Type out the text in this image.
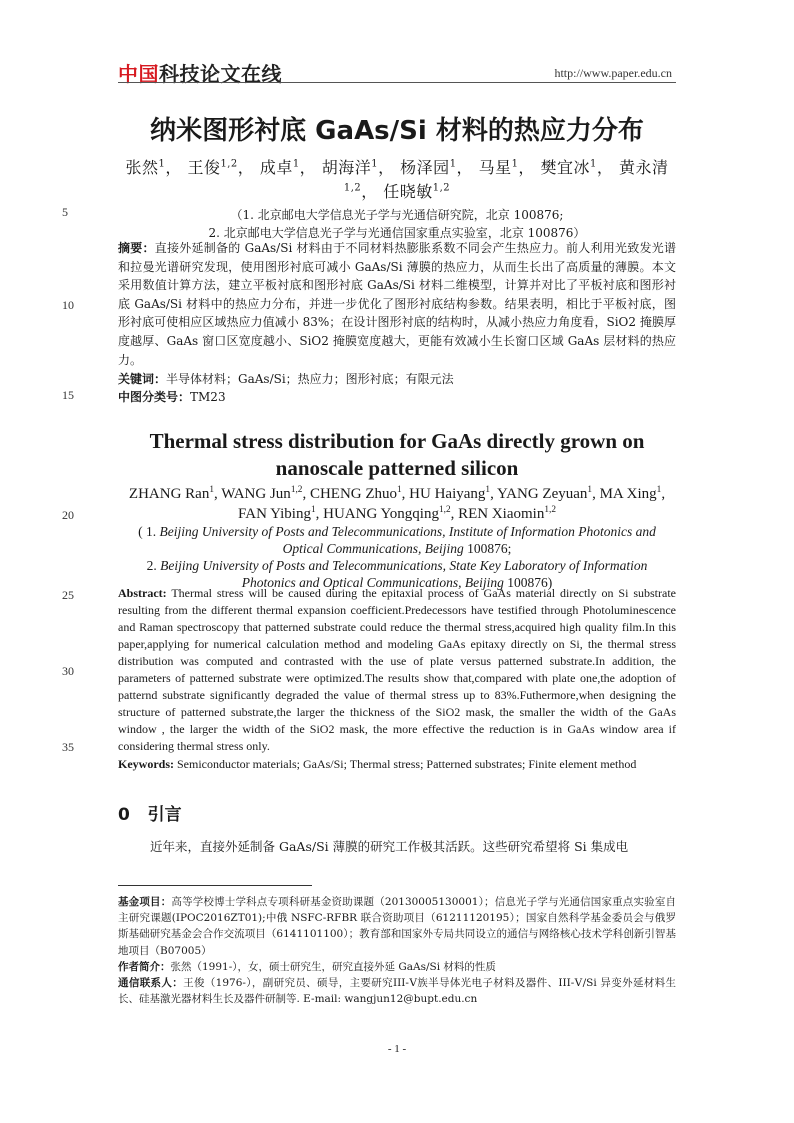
中国科技论文在线	http://www.paper.edu.cn
纳米图形衬底 GaAs/Si 材料的热应力分布
张然$^1$， 王俊$^{1,2}$， 成卓$^1$， 胡海洋$^1$， 杨泽园$^1$， 马星$^1$， 樊宜冰$^1$， 黄永清$^{1,2}$， 任晓敏$^{1,2}$
（1. 北京邮电大学信息光子学与光通信研究院，北京 100876;
2. 北京邮电大学信息光子学与光通信国家重点实验室，北京 100876）
摘要：直接外延制备的 GaAs/Si 材料由于不同材料热膨胀系数不同会产生热应力。前人利用光致发光谱和拉曼光谱研究发现，使用图形衬底可减小 GaAs/Si 薄膜的热应力，从而生长出了高质量的薄膜。本文采用数值计算方法，建立平板衬底和图形衬底 GaAs/Si 材料二维模型，计算并对比了平板衬底和图形衬底 GaAs/Si 材料中的热应力分布，并进一步优化了图形衬底结构参数。结果表明，相比于平板衬底，图形衬底可使相应区域热应力值减小 83%；在设计图形衬底的结构时，从减小热应力角度看，SiO2 掩膜厚度越厚、GaAs 窗口区宽度越小、SiO2 掩膜宽度越大，更能有效减小生长窗口区域 GaAs 层材料的热应力。
关键词：半导体材料；GaAs/Si；热应力；图形衬底；有限元法
中图分类号：TM23
Thermal stress distribution for GaAs directly grown on
nanoscale patterned silicon
ZHANG Ran$^1$, WANG Jun$^{1,2}$, CHENG Zhuo$^1$, HU Haiyang$^1$, YANG Zeyuan$^1$, MA Xing$^1$, FAN Yibing$^1$, HUANG Yongqing$^{1,2}$, REN Xiaomin$^{1,2}$
( 1. Beijing University of Posts and Telecommunications, Institute of Information Photonics and Optical Communications, Beijing 100876;
2. Beijing University of Posts and Telecommunications, State Key Laboratory of Information Photonics and Optical Communications, Beijing 100876)
Abstract: Thermal stress will be caused during the epitaxial process of GaAs material directly on Si substrate resulting from the different thermal expansion coefficient.Predecessors have testified through Photoluminescence and Raman spectroscopy that patterned substrate could reduce the thermal stress,acquired high quality film.In this paper,applying for numerical calculation method and modeling GaAs epitaxy directly on Si, the thermal stress distribution was computed and contrasted with the use of plate versus patterned substrate.In addition, the parameters of patterned substrate were optimized.The results show that,compared with plate one,the adoption of patternd substrate significantly degraded the value of thermal stress up to 83%.Futhermore,when designing the structure of patterned substrate,the larger the thickness of the SiO2 mask, the smaller the width of the GaAs window , the larger the width of the SiO2 mask, the more effective the reduction is in GaAs window area if considering thermal stress only.
Keywords: Semiconductor materials; GaAs/Si; Thermal stress; Patterned substrates; Finite element method
0 引言
近年来，直接外延制备 GaAs/Si 薄膜的研究工作极其活跃。这些研究希望将 Si 集成电
基金项目：高等学校博士学科点专项科研基金资助课题（20130005130001）；信息光子学与光通信国家重点实验室自主研究课题(IPOC2016ZT01);中俄 NSFC-RFBR 联合资助项目（61211120195）；国家自然科学基金委员会与俄罗斯基础研究基金会合作交流项目（6141101100）；教育部和国家外专局共同设立的通信与网络核心技术学科创新引智基地项目（B07005）
作者简介：张然（1991-），女，硕士研究生，研究直接外延 GaAs/Si 材料的性质
通信联系人：王俊（1976-），副研究员、硕导，主要研究III-Ⅴ族半导体光电子材料及器件、III-Ⅴ/Si 异变外延材料生长、硅基激光器材料生长及器件研制等. E-mail: wangjun12@bupt.edu.cn
5
10
15
20
25
30
35
- 1 -
